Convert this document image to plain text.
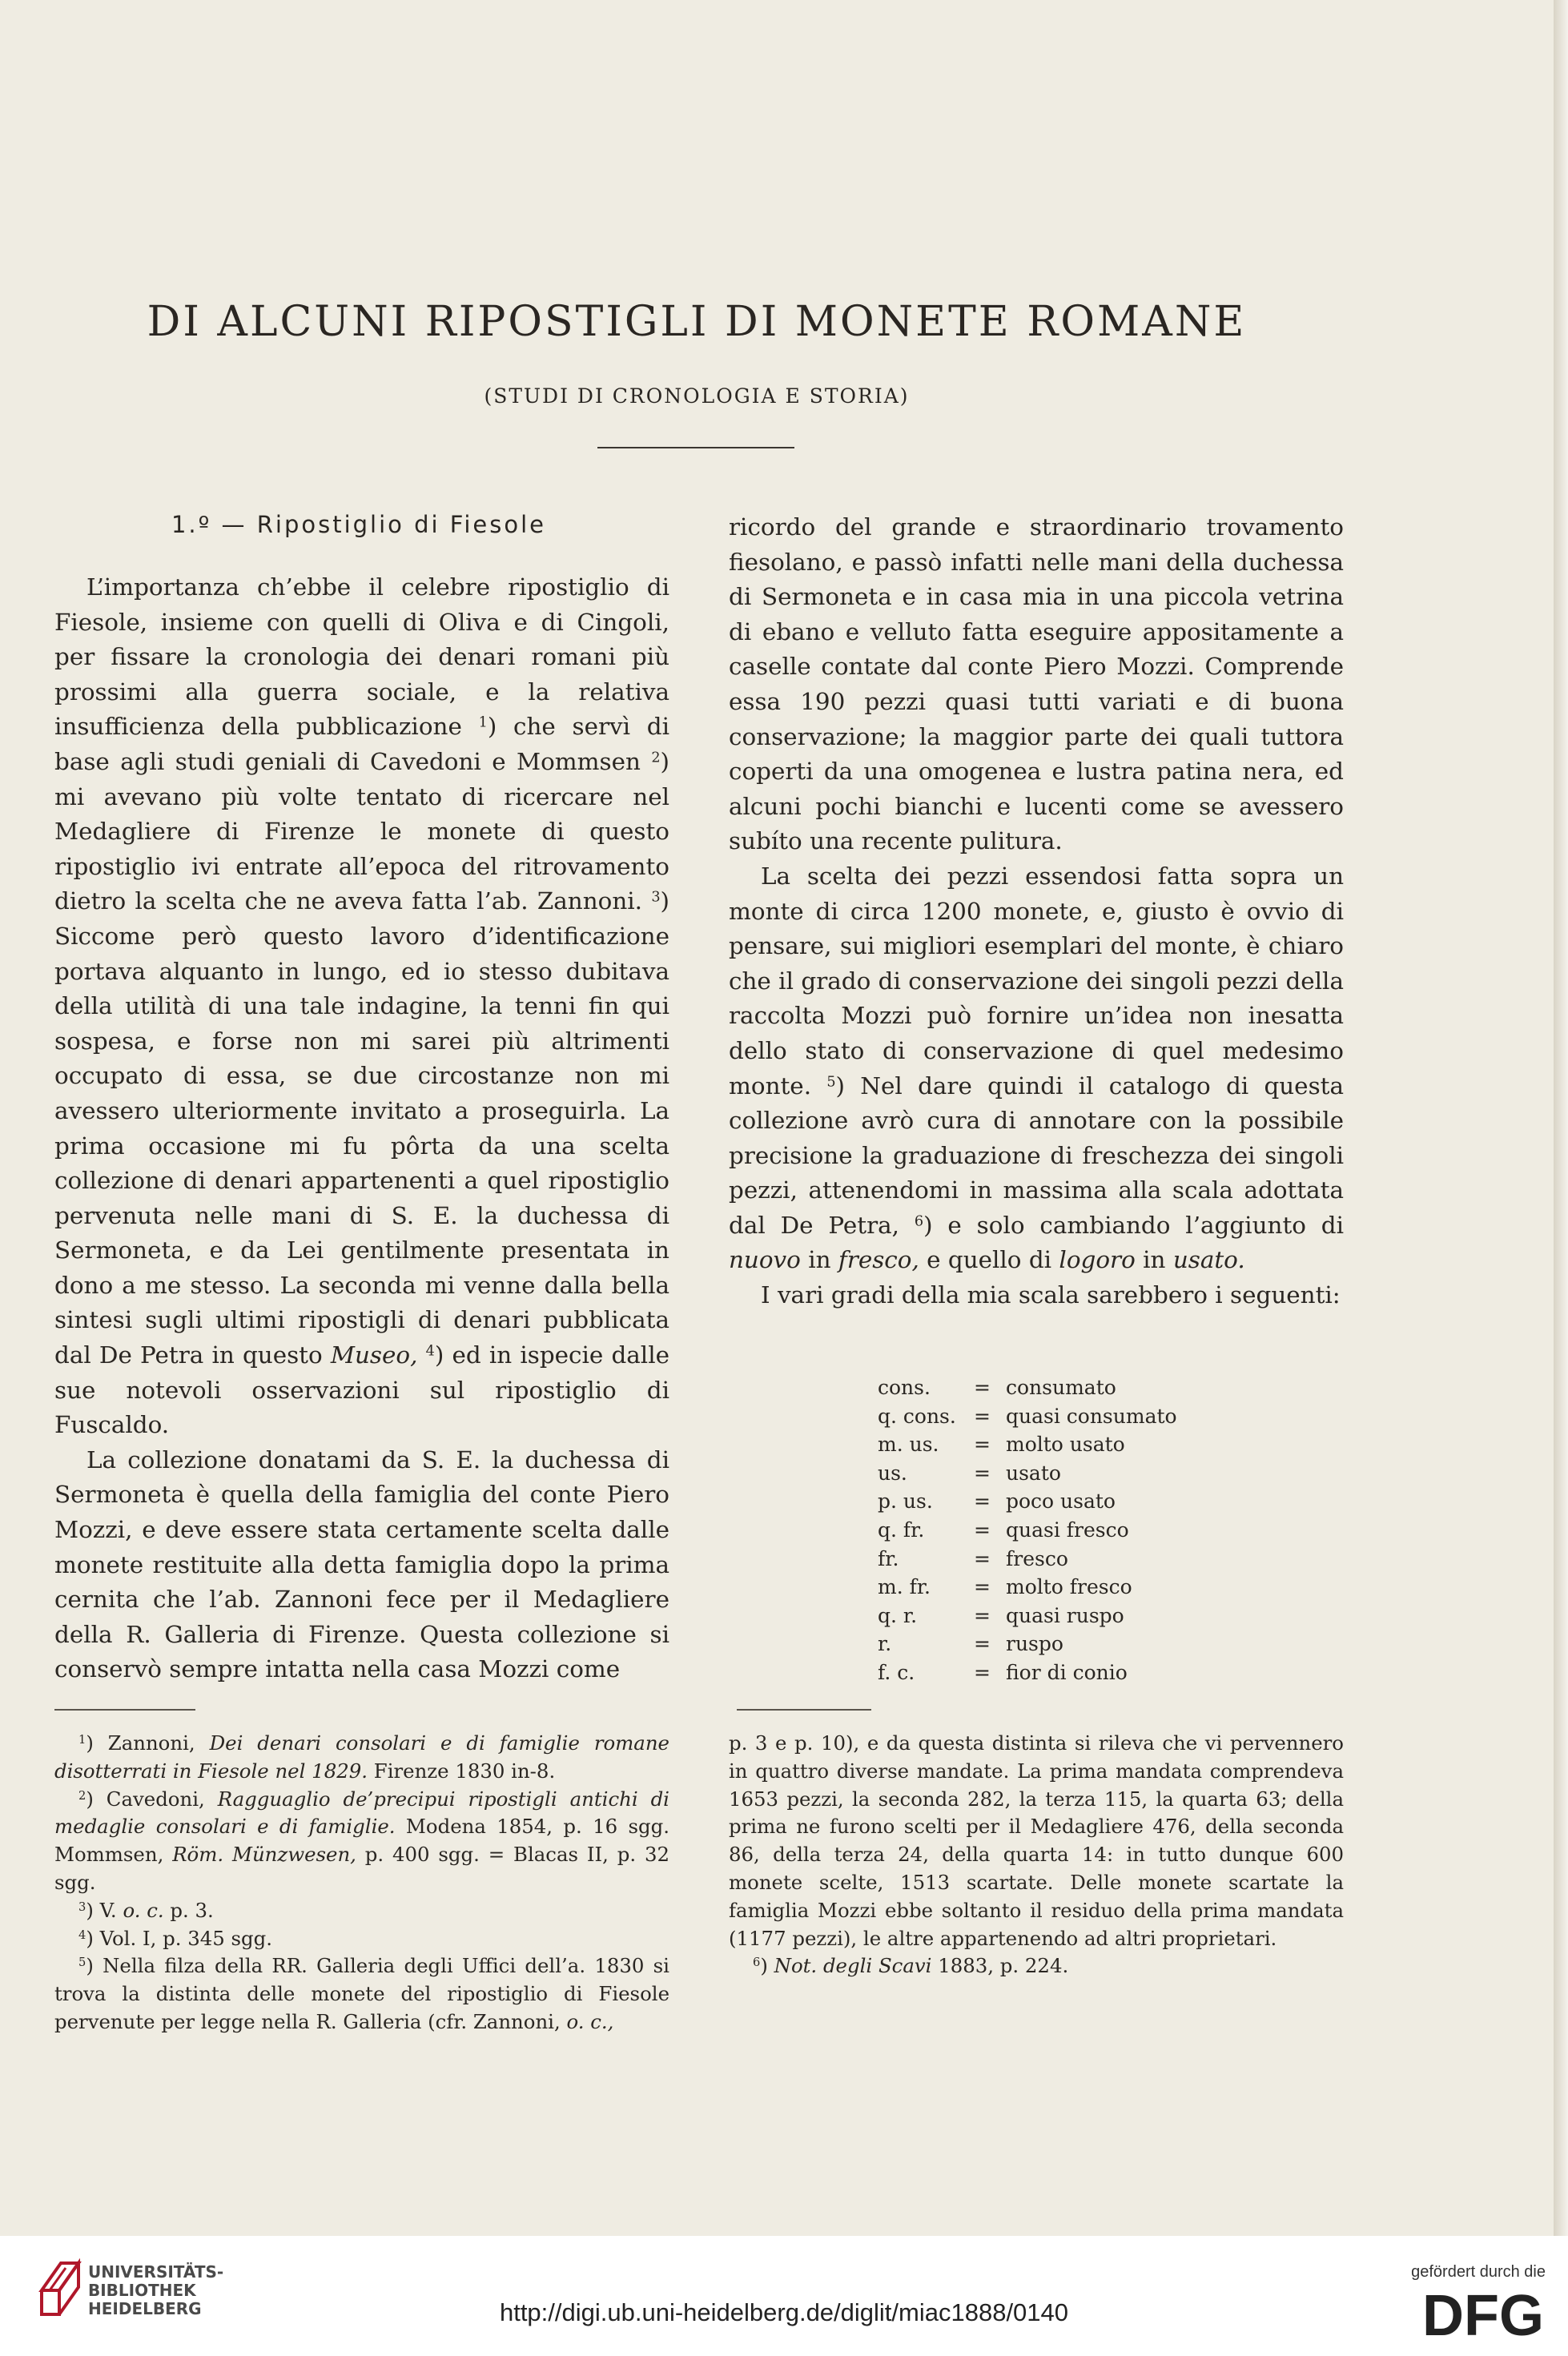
DI ALCUNI RIPOSTIGLI DI MONETE ROMANE
(STUDI DI CRONOLOGIA E STORIA)
1.º — Ripostiglio di Fiesole

L’importanza ch’ebbe il celebre ripostiglio di Fiesole, insieme con quelli di Oliva e di Cingoli, per fissare la cronologia dei denari romani più prossimi alla guerra sociale, e la relativa insufficienza della pubblicazione $^1$) che servì di base agli studi geniali di Cavedoni e Mommsen $^2$) mi avevano più volte tentato di ricercare nel Medagliere di Firenze le monete di questo ripostiglio ivi entrate all’epoca del ritrovamento dietro la scelta che ne aveva fatta l’ab. Zannoni. $^3$) Siccome però questo lavoro d’identificazione portava alquanto in lungo, ed io stesso dubitava della utilità di una tale indagine, la tenni fin qui sospesa, e forse non mi sarei più altrimenti occupato di essa, se due circostanze non mi avessero ulteriormente invitato a proseguirla. La prima occasione mi fu pôrta da una scelta collezione di denari appartenenti a quel ripostiglio pervenuta nelle mani di S. E. la duchessa di Sermoneta, e da Lei gentilmente presentata in dono a me stesso. La seconda mi venne dalla bella sintesi sugli ultimi ripostigli di denari pubblicata dal De Petra in questo Museo, $^4$) ed in ispecie dalle sue notevoli osservazioni sul ripostiglio di Fuscaldo.

La collezione donatami da S. E. la duchessa di Sermoneta è quella della famiglia del conte Piero Mozzi, e deve essere stata certamente scelta dalle monete restituite alla detta famiglia dopo la prima cernita che l’ab. Zannoni fece per il Medagliere della R. Galleria di Firenze. Questa collezione si conservò sempre intatta nella casa Mozzi come

ricordo del grande e straordinario trovamento fiesolano, e passò infatti nelle mani della duchessa di Sermoneta e in casa mia in una piccola vetrina di ebano e velluto fatta eseguire appositamente a caselle contate dal conte Piero Mozzi. Comprende essa 190 pezzi quasi tutti variati e di buona conservazione; la maggior parte dei quali tuttora coperti da una omogenea e lustra patina nera, ed alcuni pochi bianchi e lucenti come se avessero subíto una recente pulitura.

La scelta dei pezzi essendosi fatta sopra un monte di circa 1200 monete, e, giusto è ovvio di pensare, sui migliori esemplari del monte, è chiaro che il grado di conservazione dei singoli pezzi della raccolta Mozzi può fornire un’idea non inesatta dello stato di conservazione di quel medesimo monte. $^5$) Nel dare quindi il catalogo di questa collezione avrò cura di annotare con la possibile precisione la graduazione di freschezza dei singoli pezzi, attenendomi in massima alla scala adottata dal De Petra, $^6$) e solo cambiando l’aggiunto di nuovo in fresco, e quello di logoro in usato.

I vari gradi della mia scala sarebbero i seguenti:

cons.	=	consumato
q. cons.	=	quasi consumato
m. us.	=	molto usato
us.	=	usato
p. us.	=	poco usato
q. fr.	=	quasi fresco
fr.	=	fresco
m. fr.	=	molto fresco
q. r.	=	quasi ruspo
r.	=	ruspo
f. c.	=	fior di conio

$^1$) Zannoni, Dei denari consolari e di famiglie romane disotterrati in Fiesole nel 1829. Firenze 1830 in-8.

$^2$) Cavedoni, Ragguaglio de’precipui ripostigli antichi di medaglie consolari e di famiglie. Modena 1854, p. 16 sgg. Mommsen, Röm. Münzwesen, p. 400 sgg. = Blacas II, p. 32 sgg.

$^3$) V. o. c. p. 3.

$^4$) Vol. I, p. 345 sgg.

$^5$) Nella filza della RR. Galleria degli Uffici dell’a. 1830 si trova la distinta delle monete del ripostiglio di Fiesole pervenute per legge nella R. Galleria (cfr. Zannoni, o. c.,

p. 3 e p. 10), e da questa distinta si rileva che vi pervennero in quattro diverse mandate. La prima mandata comprendeva 1653 pezzi, la seconda 282, la terza 115, la quarta 63; della prima ne furono scelti per il Medagliere 476, della seconda 86, della terza 24, della quarta 14: in tutto dunque 600 monete scelte, 1513 scartate. Delle monete scartate la famiglia Mozzi ebbe soltanto il residuo della prima mandata (1177 pezzi), le altre appartenendo ad altri proprietari.

$^6$) Not. degli Scavi 1883, p. 224.

UNIVERSITÄTS-
BIBLIOTHEK
HEIDELBERG	http://digi.ub.uni-heidelberg.de/diglit/miac1888/0140
gefördert durch die
DFG
